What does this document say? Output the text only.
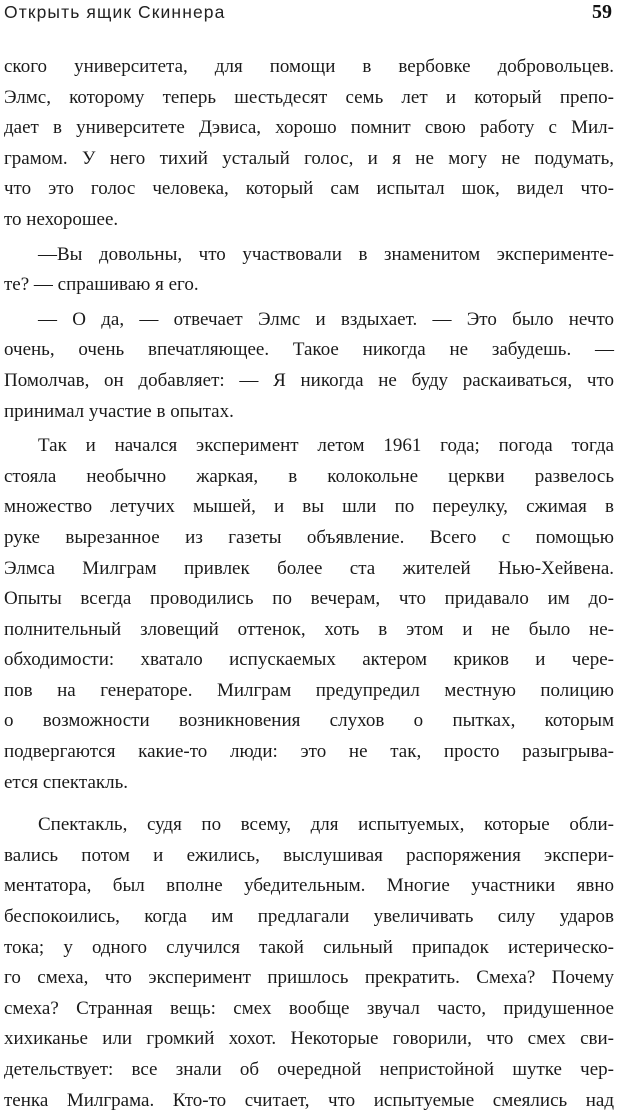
Открыть ящик Скиннера	59
ского университета, для помощи в вербовке добровольцев.
Элмс, которому теперь шестьдесят семь лет и который препо-
дает в университете Дэвиса, хорошо помнит свою работу с Мил-
грамом. У него тихий усталый голос, и я не могу не подумать,
что это голос человека, который сам испытал шок, видел что-
то нехорошее.
—Вы довольны, что участвовали в знаменитом эксперименте-
те? — спрашиваю я его.
— О да, — отвечает Элмс и вздыхает. — Это было нечто
очень, очень впечатляющее. Такое никогда не забудешь. —
Помолчав, он добавляет: — Я никогда не буду раскаиваться, что
принимал участие в опытах.
Так и начался эксперимент летом 1961 года; погода тогда
стояла необычно жаркая, в колокольне церкви развелось
множество летучих мышей, и вы шли по переулку, сжимая в
руке вырезанное из газеты объявление. Всего с помощью
Элмса Милграм привлек более ста жителей Нью-Хейвена.
Опыты всегда проводились по вечерам, что придавало им до-
полнительный зловещий оттенок, хоть в этом и не было не-
обходимости: хватало испускаемых актером криков и чере-
пов на генераторе. Милграм предупредил местную полицию
о возможности возникновения слухов о пытках, которым
подвергаются какие-то люди: это не так, просто разыгрыва-
ется спектакль.
Спектакль, судя по всему, для испытуемых, которые обли-
вались потом и ежились, выслушивая распоряжения экспери-
ментатора, был вполне убедительным. Многие участники явно
беспокоились, когда им предлагали увеличивать силу ударов
тока; у одного случился такой сильный припадок истерическо-
го смеха, что эксперимент пришлось прекратить. Смеха? Почему
смеха? Странная вещь: смех вообще звучал часто, придушенное
хихиканье или громкий хохот. Некоторые говорили, что смех сви-
детельствует: все знали об очередной непристойной шутке чер-
тенка Милграма. Кто-то считает, что испытуемые смеялись над
